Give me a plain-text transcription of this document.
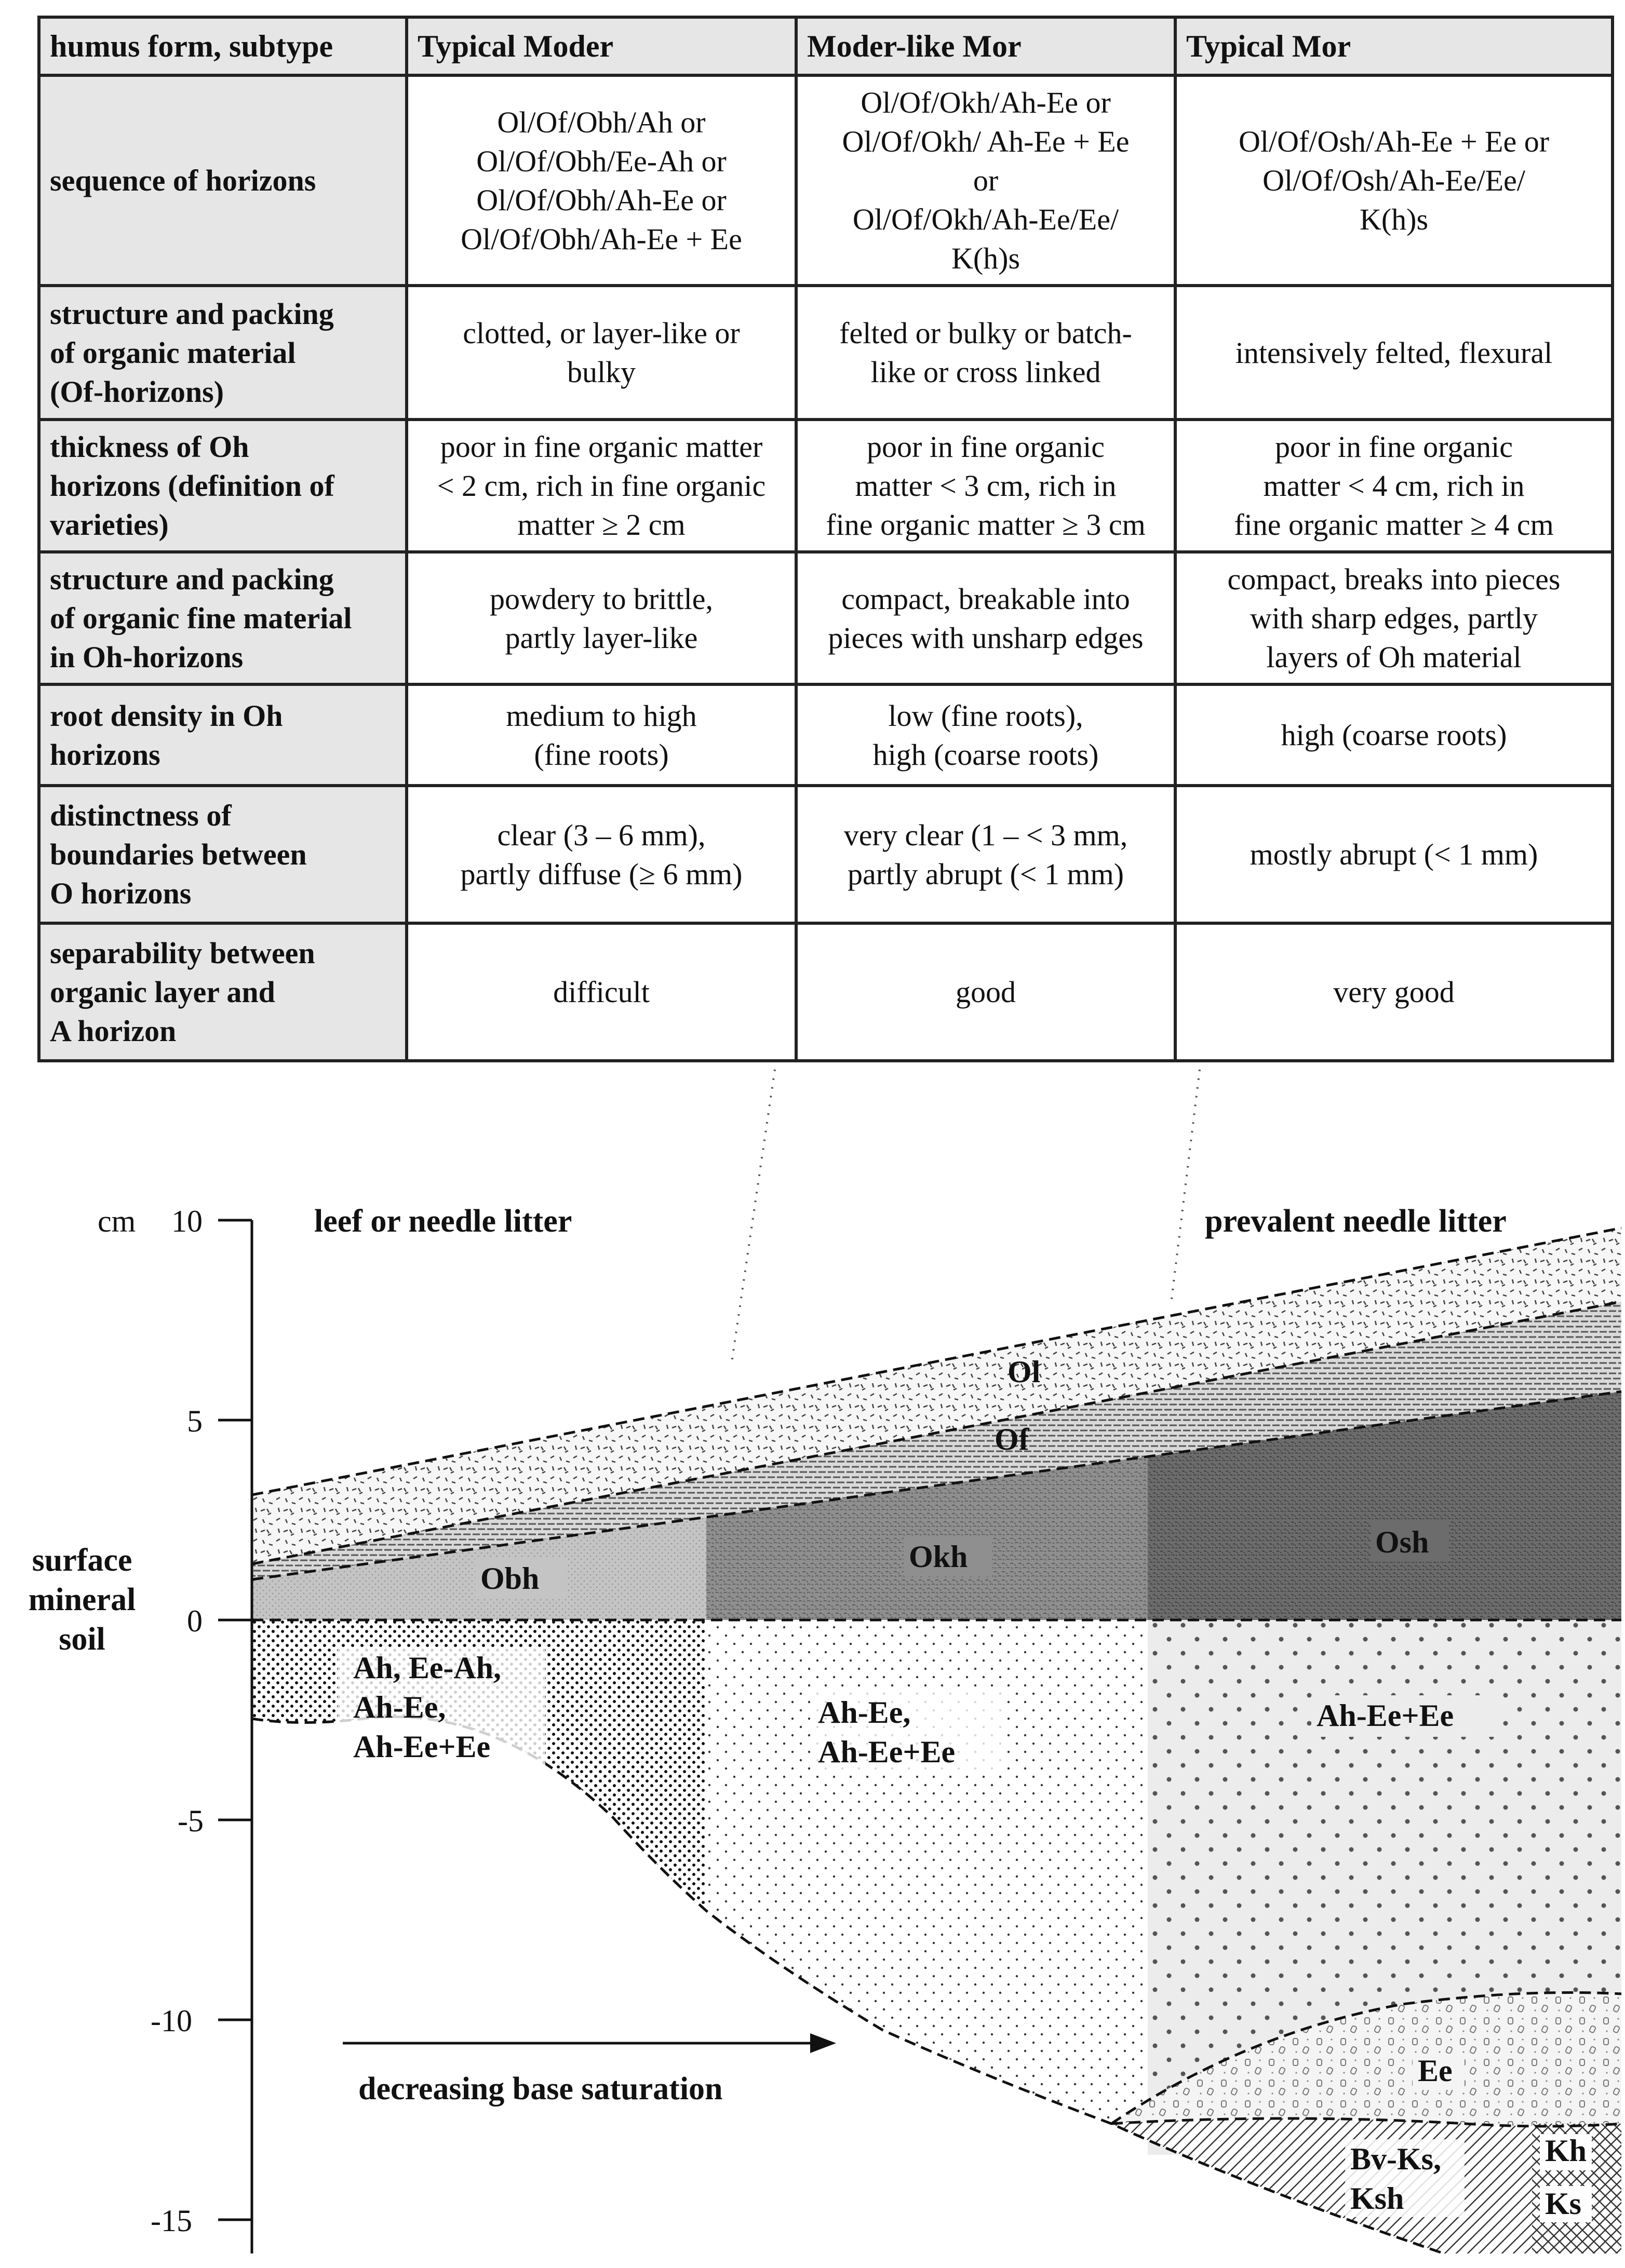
humus form, subtype	Typical Moder	Moder-like Mor	Typical Mor
sequence of horizons	Ol/Of/Obh/Ah or
Ol/Of/Obh/Ee-Ah or
Ol/Of/Obh/Ah-Ee or
Ol/Of/Obh/Ah-Ee + Ee	Ol/Of/Okh/Ah-Ee or
Ol/Of/Okh/ Ah-Ee + Ee
or
Ol/Of/Okh/Ah-Ee/Ee/
K(h)s	Ol/Of/Osh/Ah-Ee + Ee or
Ol/Of/Osh/Ah-Ee/Ee/
K(h)s
structure and packing
of organic material
(Of-horizons)	clotted, or layer-like or
bulky	felted or bulky or batch-
like or cross linked	intensively felted, flexural
thickness of Oh
horizons (definition of
varieties)	poor in fine organic matter
< 2 cm, rich in fine organic
matter ≥ 2 cm	poor in fine organic
matter < 3 cm, rich in
fine organic matter ≥ 3 cm	poor in fine organic
matter < 4 cm, rich in
fine organic matter ≥ 4 cm
structure and packing
of organic fine material
in Oh-horizons	powdery to brittle,
partly layer-like	compact, breakable into
pieces with unsharp edges	compact, breaks into pieces
with sharp edges, partly
layers of Oh material
root density in Oh
horizons	medium to high
(fine roots)	low (fine roots),
high (coarse roots)	high (coarse roots)
distinctness of
boundaries between
O horizons	clear (3 – 6 mm),
partly diffuse (≥ 6 mm)	very clear (1 – < 3 mm,
partly abrupt (< 1 mm)	mostly abrupt (< 1 mm)
separability between
organic layer and
A horizon	difficult	good	very good
cm 10
5
0
-5
-10
-15
surface
mineral
soil
leef or needle litter	prevalent needle litter
Ol
Of
Obh
Okh	Osh
Ah, Ee-Ah,
Ah-Ee,
Ah-Ee+Ee
Ah-Ee,
Ah-Ee+Ee
Ah-Ee+Ee
Ee
Bv-Ks,
Ksh
Kh
Ks
decreasing base saturation
